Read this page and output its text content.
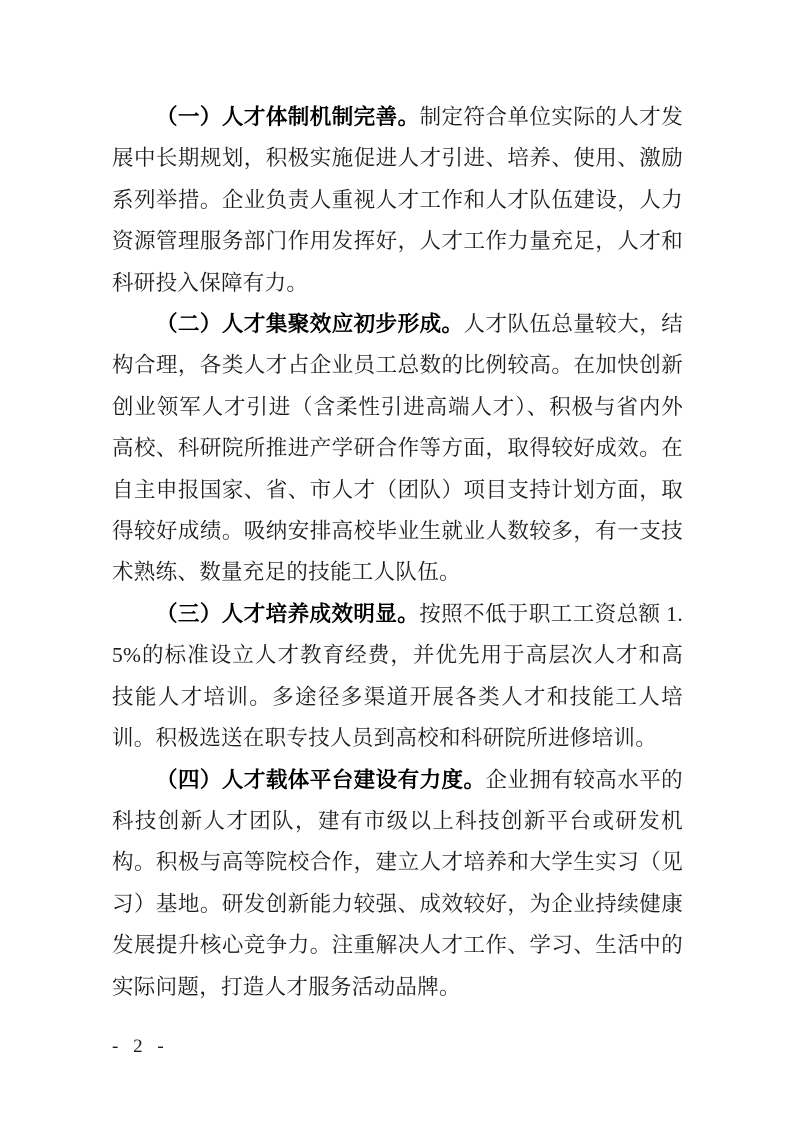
（一）人才体制机制完善。制定符合单位实际的人才发展中长期规划，积极实施促进人才引进、培养、使用、激励系列举措。企业负责人重视人才工作和人才队伍建设，人力资源管理服务部门作用发挥好，人才工作力量充足，人才和科研投入保障有力。

（二）人才集聚效应初步形成。人才队伍总量较大，结构合理，各类人才占企业员工总数的比例较高。在加快创新创业领军人才引进（含柔性引进高端人才）、积极与省内外高校、科研院所推进产学研合作等方面，取得较好成效。在自主申报国家、省、市人才（团队）项目支持计划方面，取得较好成绩。吸纳安排高校毕业生就业人数较多，有一支技术熟练、数量充足的技能工人队伍。

（三）人才培养成效明显。按照不低于职工工资总额 1.5%的标准设立人才教育经费，并优先用于高层次人才和高技能人才培训。多途径多渠道开展各类人才和技能工人培训。积极选送在职专技人员到高校和科研院所进修培训。

（四）人才载体平台建设有力度。企业拥有较高水平的科技创新人才团队，建有市级以上科技创新平台或研发机构。积极与高等院校合作，建立人才培养和大学生实习（见习）基地。研发创新能力较强、成效较好，为企业持续健康发展提升核心竞争力。注重解决人才工作、学习、生活中的实际问题，打造人才服务活动品牌。

- 2 -
